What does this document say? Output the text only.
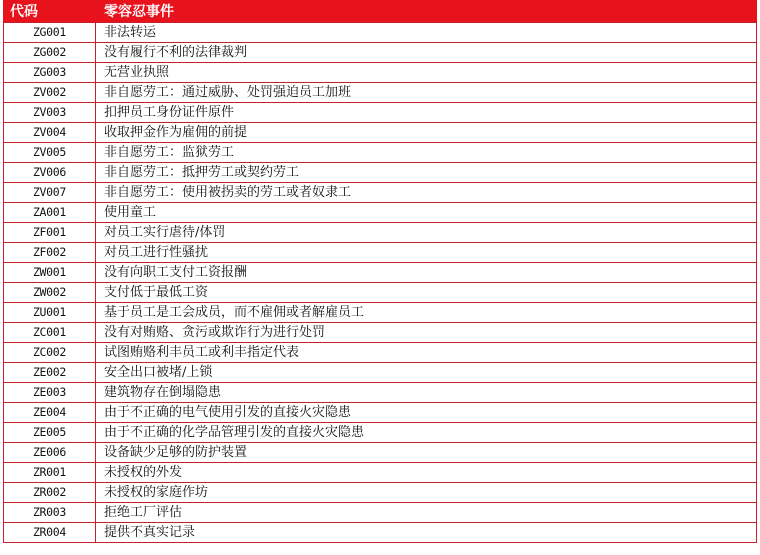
代码	零容忍事件
ZG001	非法转运
ZG002	没有履行不利的法律裁判
ZG003	无营业执照
ZV002	非自愿劳工：通过威胁、处罚强迫员工加班
ZV003	扣押员工身份证件原件
ZV004	收取押金作为雇佣的前提
ZV005	非自愿劳工：监狱劳工
ZV006	非自愿劳工：抵押劳工或契约劳工
ZV007	非自愿劳工：使用被拐卖的劳工或者奴隶工
ZA001	使用童工
ZF001	对员工实行虐待/体罚
ZF002	对员工进行性骚扰
ZW001	没有向职工支付工资报酬
ZW002	支付低于最低工资
ZU001	基于员工是工会成员，而不雇佣或者解雇员工
ZC001	没有对贿赂、贪污或欺诈行为进行处罚
ZC002	试图贿赂利丰员工或利丰指定代表
ZE002	安全出口被堵/上锁
ZE003	建筑物存在倒塌隐患
ZE004	由于不正确的电气使用引发的直接火灾隐患
ZE005	由于不正确的化学品管理引发的直接火灾隐患
ZE006	设备缺少足够的防护装置
ZR001	未授权的外发
ZR002	未授权的家庭作坊
ZR003	拒绝工厂评估
ZR004	提供不真实记录
